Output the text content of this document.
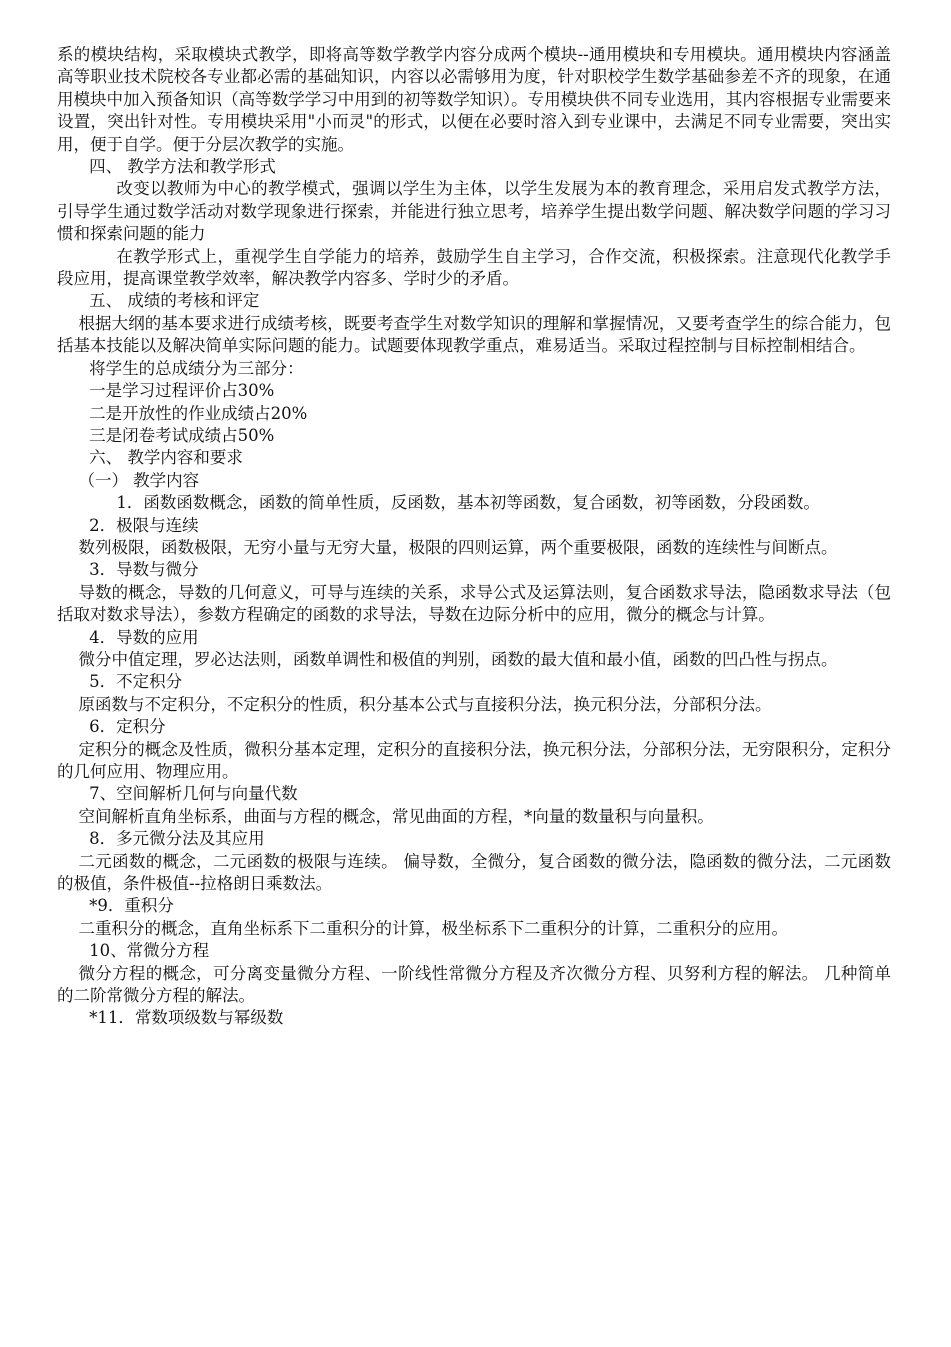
系的模块结构，采取模块式教学，即将高等数学教学内容分成两个模块--通用模块和专用模块。通用模块内容涵盖高等职业技术院校各专业都必需的基础知识，内容以必需够用为度，针对职校学生数学基础参差不齐的现象，在通用模块中加入预备知识（高等数学学习中用到的初等数学知识）。专用模块供不同专业选用，其内容根据专业需要来设置，突出针对性。专用模块采用"小而灵"的形式，以便在必要时溶入到专业课中，去满足不同专业需要，突出实用，便于自学。便于分层次教学的实施。

四、 教学方法和教学形式

改变以教师为中心的教学模式，强调以学生为主体，以学生发展为本的教育理念，采用启发式教学方法，引导学生通过数学活动对数学现象进行探索，并能进行独立思考，培养学生提出数学问题、解决数学问题的学习习惯和探索问题的能力

在教学形式上，重视学生自学能力的培养，鼓励学生自主学习，合作交流，积极探索。注意现代化教学手段应用，提高课堂教学效率，解决教学内容多、学时少的矛盾。

五、 成绩的考核和评定

根据大纲的基本要求进行成绩考核，既要考查学生对数学知识的理解和掌握情况，又要考查学生的综合能力，包括基本技能以及解决简单实际问题的能力。试题要体现教学重点，难易适当。采取过程控制与目标控制相结合。

将学生的总成绩分为三部分：

一是学习过程评价占30%

二是开放性的作业成绩占20%

三是闭卷考试成绩占50%

六、 教学内容和要求

（一） 教学内容

1．函数函数概念，函数的简单性质，反函数，基本初等函数，复合函数，初等函数，分段函数。

2．极限与连续

数列极限，函数极限，无穷小量与无穷大量，极限的四则运算，两个重要极限，函数的连续性与间断点。

3．导数与微分

导数的概念，导数的几何意义，可导与连续的关系，求导公式及运算法则，复合函数求导法，隐函数求导法（包括取对数求导法），参数方程确定的函数的求导法，导数在边际分析中的应用，微分的概念与计算。

4．导数的应用

微分中值定理，罗必达法则，函数单调性和极值的判别，函数的最大值和最小值，函数的凹凸性与拐点。

5．不定积分

原函数与不定积分，不定积分的性质，积分基本公式与直接积分法，换元积分法，分部积分法。

6．定积分

定积分的概念及性质，微积分基本定理，定积分的直接积分法，换元积分法，分部积分法，无穷限积分，定积分的几何应用、物理应用。

7、空间解析几何与向量代数

空间解析直角坐标系，曲面与方程的概念，常见曲面的方程，*向量的数量积与向量积。

8．多元微分法及其应用

二元函数的概念，二元函数的极限与连续。 偏导数，全微分，复合函数的微分法，隐函数的微分法，二元函数的极值，条件极值--拉格朗日乘数法。

*9．重积分

二重积分的概念，直角坐标系下二重积分的计算，极坐标系下二重积分的计算，二重积分的应用。

10、常微分方程

微分方程的概念，可分离变量微分方程、一阶线性常微分方程及齐次微分方程、贝努利方程的解法。 几种简单的二阶常微分方程的解法。

*11．常数项级数与幂级数
